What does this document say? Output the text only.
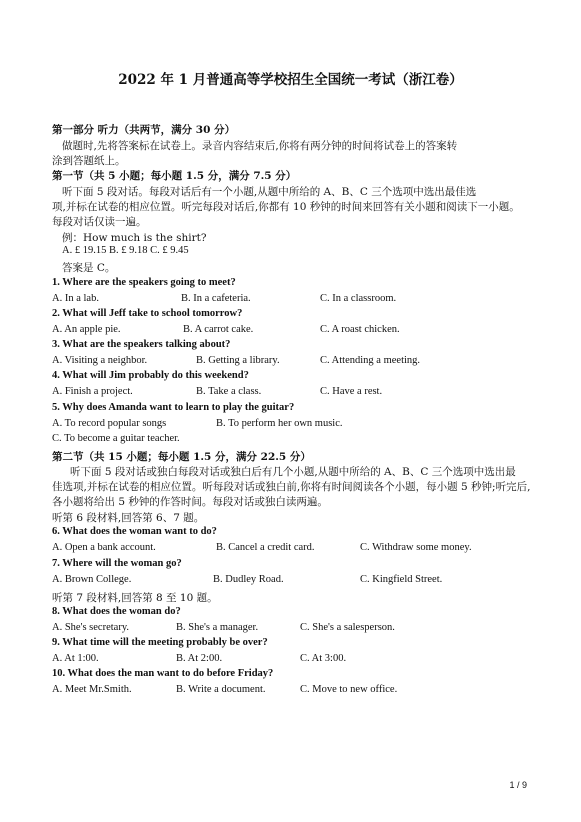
2022 年 1 月普通高等学校招生全国统一考试（浙江卷）
第一部分 听力（共两节，满分 30 分）
做题时,先将答案标在试卷上。录音内容结束后,你将有两分钟的时间将试卷上的答案转
涂到答题纸上。
第一节（共 5 小题；每小题 1.5 分，满分 7.5 分）
听下面 5 段对话。每段对话后有一个小题,从题中所给的 A、B、C 三个选项中选出最佳选
项,并标在试卷的相应位置。听完每段对话后,你都有 10 秒钟的时间来回答有关小题和阅读下一小题。
每段对话仅读一遍。
例：How much is the shirt?
A. £ 19.15 B. £ 9.18 C. £ 9.45
答案是 C。
1. Where are the speakers going to meet?
A. In a lab.	B. In a cafeteria.	C. In a classroom.
2. What will Jeff take to school tomorrow?
A. An apple pie.	B. A carrot cake.	C. A roast chicken.
3. What are the speakers talking about?
A. Visiting a neighbor.	B. Getting a library.	C. Attending a meeting.
4. What will Jim probably do this weekend?
A. Finish a project.	B. Take a class.	C. Have a rest.
5. Why does Amanda want to learn to play the guitar?
A. To record popular songs	B. To perform her own music.
C. To become a guitar teacher.
第二节（共 15 小题；每小题 1.5 分，满分 22.5 分）
听下面 5 段对话或独白每段对话或独白后有几个小题,从题中所给的 A、B、C 三个选项中选出最
佳选项,并标在试卷的相应位置。听每段对话或独白前,你将有时间阅读各个小题，每小题 5 秒钟;听完后,
各小题将给出 5 秒钟的作答时间。每段对话或独白读两遍。
听第 6 段材料,回答第 6、7 题。
6. What does the woman want to do?
A. Open a bank account.	B. Cancel a credit card.	C. Withdraw some money.
7. Where will the woman go?
A. Brown College.	B. Dudley Road.	C. Kingfield Street.
听第 7 段材料,回答第 8 至 10 题。
8. What does the woman do?
A. She's secretary.	B. She's a manager.	C. She's a salesperson.
9. What time will the meeting probably be over?
A. At 1:00.	B. At 2:00.	C. At 3:00.
10. What does the man want to do before Friday?
A. Meet Mr.Smith.	B. Write a document.	C. Move to new office.
1 / 9
